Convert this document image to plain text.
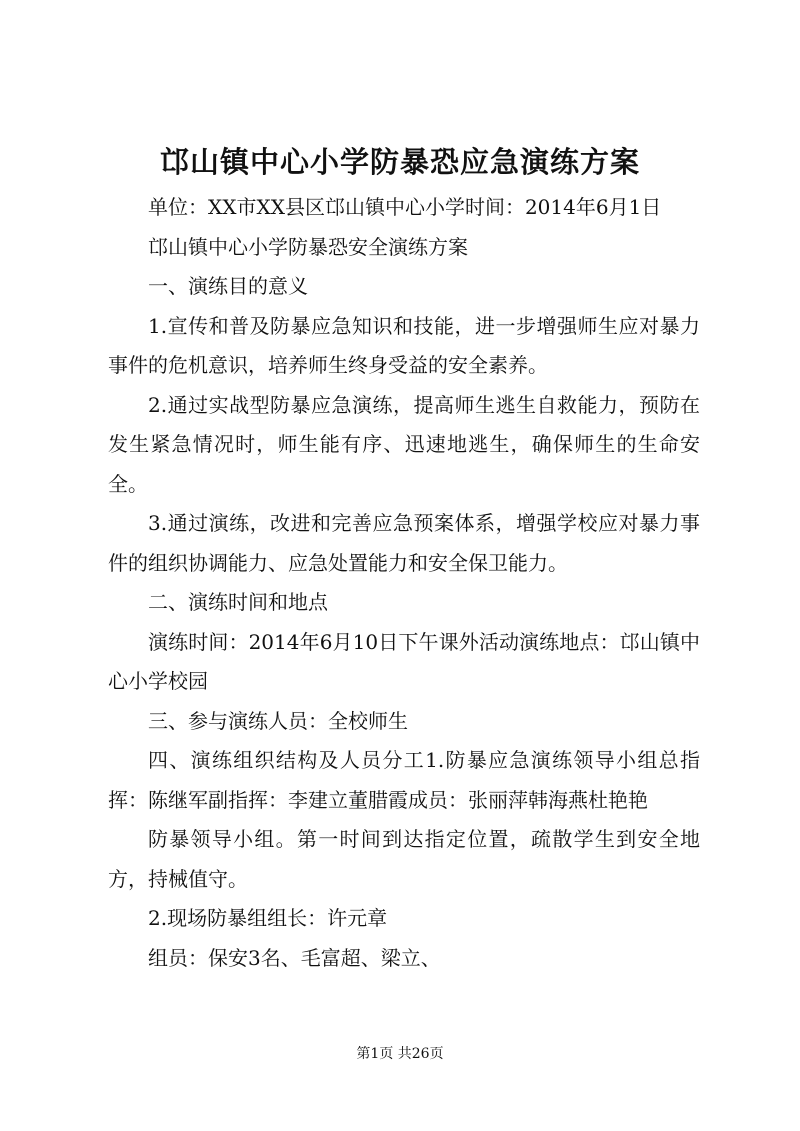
邙山镇中心小学防暴恐应急演练方案

单位：XX市XX县区邙山镇中心小学时间：2014年6月1日

邙山镇中心小学防暴恐安全演练方案

一、演练目的意义

1.宣传和普及防暴应急知识和技能，进一步增强师生应对暴力事件的危机意识，培养师生终身受益的安全素养。

2.通过实战型防暴应急演练，提高师生逃生自救能力，预防在发生紧急情况时，师生能有序、迅速地逃生，确保师生的生命安全。

3.通过演练，改进和完善应急预案体系，增强学校应对暴力事件的组织协调能力、应急处置能力和安全保卫能力。

二、演练时间和地点

演练时间：2014年6月10日下午课外活动演练地点：邙山镇中心小学校园

三、参与演练人员：全校师生

四、演练组织结构及人员分工1.防暴应急演练领导小组总指挥：陈继军副指挥：李建立董腊霞成员：张丽萍韩海燕杜艳艳

防暴领导小组。第一时间到达指定位置，疏散学生到安全地方，持械值守。

2.现场防暴组组长：许元章

组员：保安3名、毛富超、梁立、

第1页 共26页
